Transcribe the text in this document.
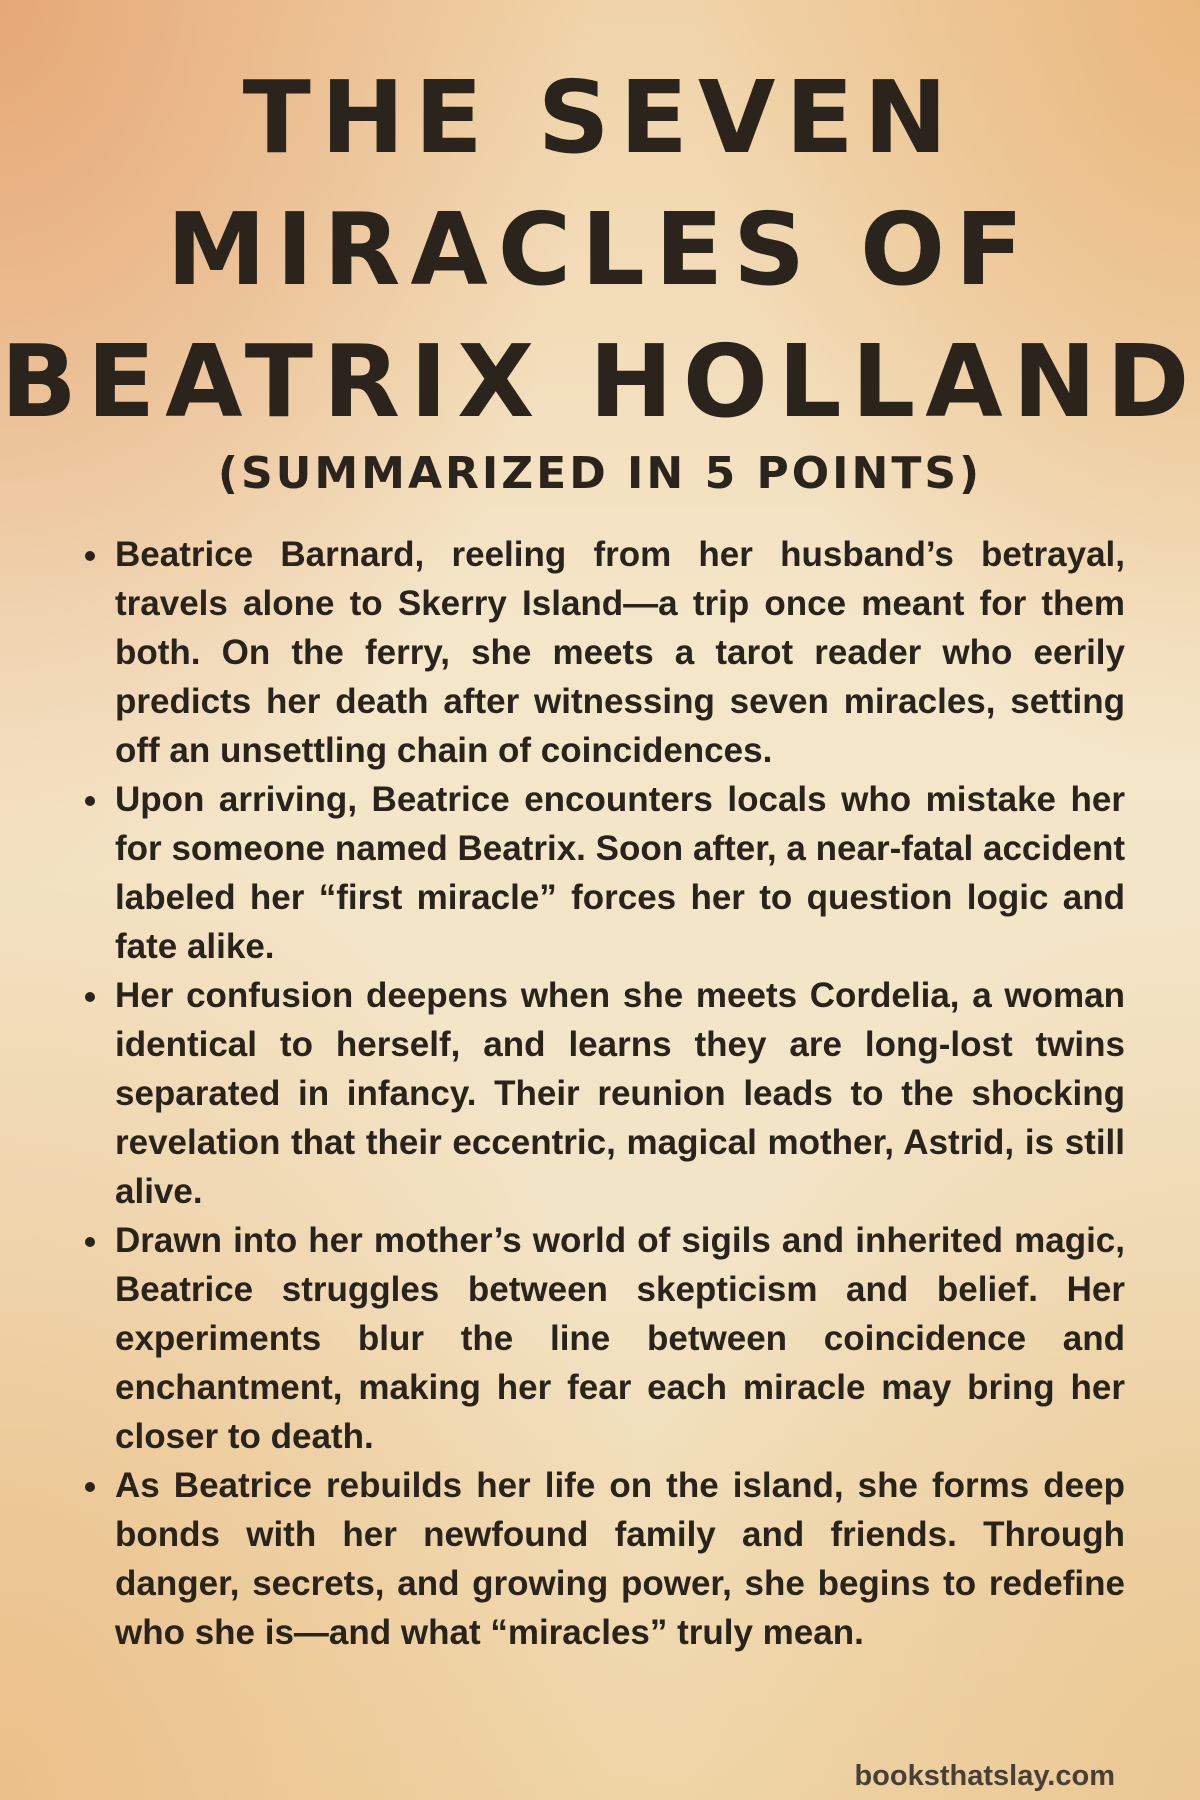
THE SEVEN
MIRACLES OF
BEATRIX HOLLAND
(SUMMARIZED IN 5 POINTS)
Beatrice Barnard, reeling from her husband’s betrayal, travels alone to Skerry Island—a trip once meant for them both. On the ferry, she meets a tarot reader who eerily predicts her death after witnessing seven miracles, setting off an unsettling chain of coincidences.
Upon arriving, Beatrice encounters locals who mistake her for someone named Beatrix. Soon after, a near-fatal accident labeled her “first miracle” forces her to question logic and fate alike.
Her confusion deepens when she meets Cordelia, a woman identical to herself, and learns they are long-lost twins separated in infancy. Their reunion leads to the shocking revelation that their eccentric, magical mother, Astrid, is still alive.
Drawn into her mother’s world of sigils and inherited magic, Beatrice struggles between skepticism and belief. Her experiments blur the line between coincidence and enchantment, making her fear each miracle may bring her closer to death.
As Beatrice rebuilds her life on the island, she forms deep bonds with her newfound family and friends. Through danger, secrets, and growing power, she begins to redefine who she is—and what “miracles” truly mean.
booksthatslay.com
